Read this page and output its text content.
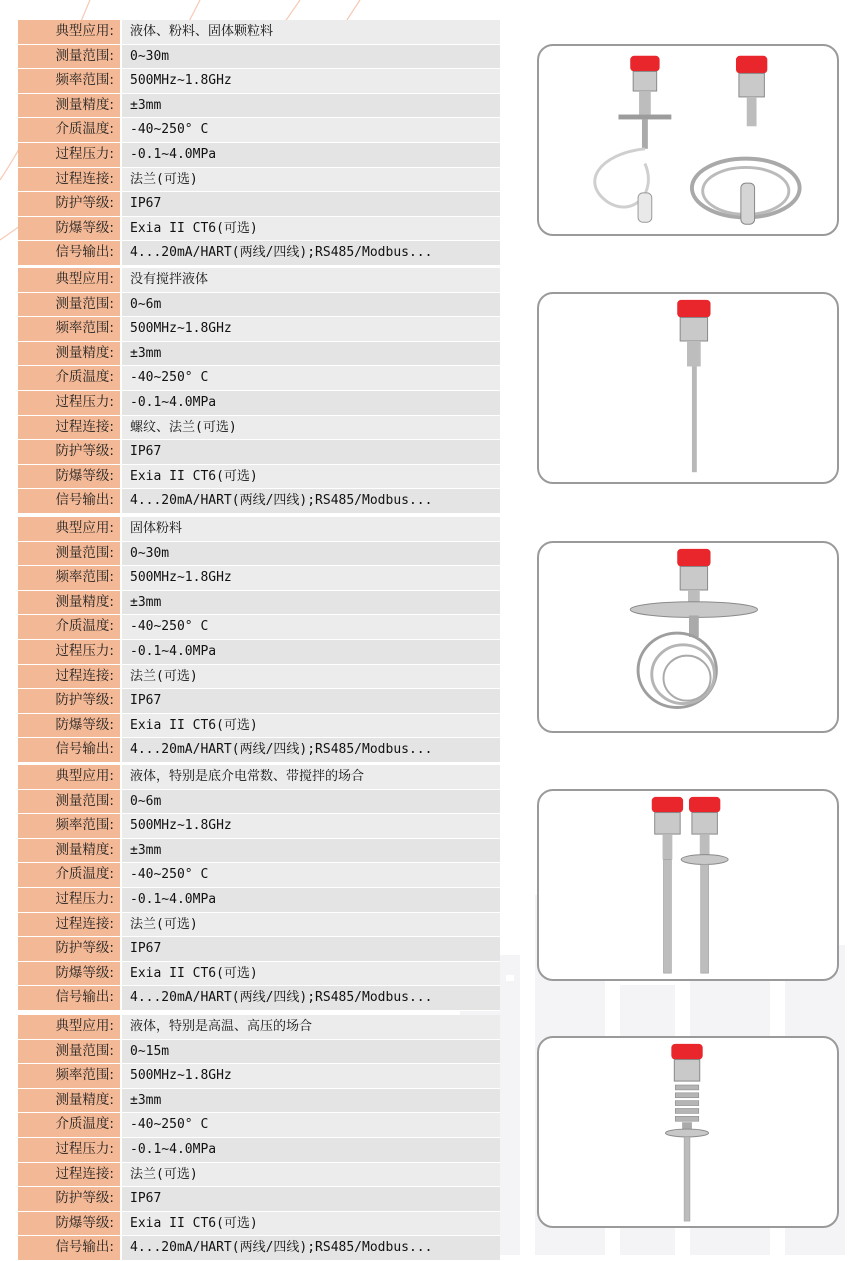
典型应用:	液体、粉料、固体颗粒料
测量范围:	0~30m
频率范围:	500MHz~1.8GHz
测量精度:	±3mm
介质温度:	-40~250° C
过程压力:	-0.1~4.0MPa
过程连接:	法兰(可选)
防护等级:	IP67
防爆等级:	Exia II CT6(可选)
信号输出:	4...20mA/HART(两线/四线);RS485/Modbus...
典型应用:	没有搅拌液体
测量范围:	0~6m
频率范围:	500MHz~1.8GHz
测量精度:	±3mm
介质温度:	-40~250° C
过程压力:	-0.1~4.0MPa
过程连接:	螺纹、法兰(可选)
防护等级:	IP67
防爆等级:	Exia II CT6(可选)
信号输出:	4...20mA/HART(两线/四线);RS485/Modbus...
典型应用:	固体粉料
测量范围:	0~30m
频率范围:	500MHz~1.8GHz
测量精度:	±3mm
介质温度:	-40~250° C
过程压力:	-0.1~4.0MPa
过程连接:	法兰(可选)
防护等级:	IP67
防爆等级:	Exia II CT6(可选)
信号输出:	4...20mA/HART(两线/四线);RS485/Modbus...
典型应用:	液体，特别是底介电常数、带搅拌的场合
测量范围:	0~6m
频率范围:	500MHz~1.8GHz
测量精度:	±3mm
介质温度:	-40~250° C
过程压力:	-0.1~4.0MPa
过程连接:	法兰(可选)
防护等级:	IP67
防爆等级:	Exia II CT6(可选)
信号输出:	4...20mA/HART(两线/四线);RS485/Modbus...
典型应用:	液体，特别是高温、高压的场合
测量范围:	0~15m
频率范围:	500MHz~1.8GHz
测量精度:	±3mm
介质温度:	-40~250° C
过程压力:	-0.1~4.0MPa
过程连接:	法兰(可选)
防护等级:	IP67
防爆等级:	Exia II CT6(可选)
信号输出:	4...20mA/HART(两线/四线);RS485/Modbus...
